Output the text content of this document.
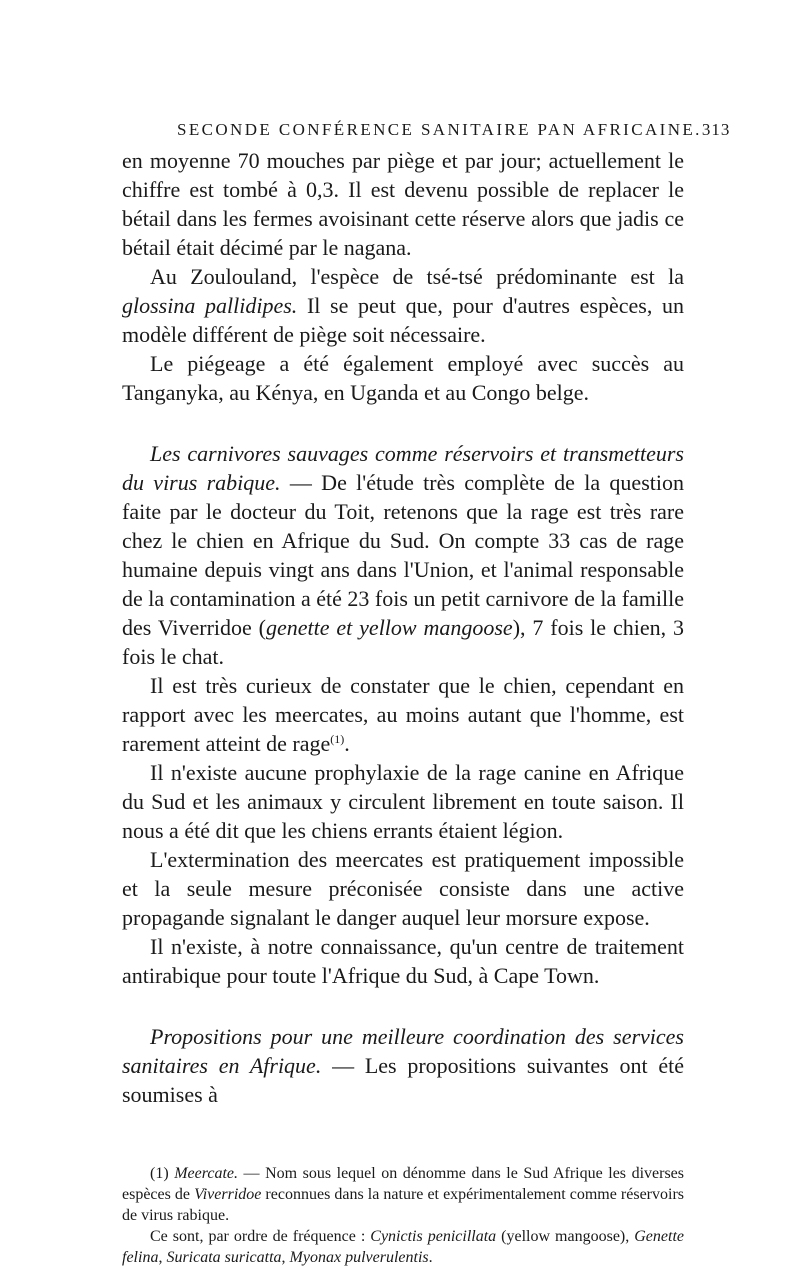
SECONDE CONFÉRENCE SANITAIRE PAN AFRICAINE. 313

en moyenne 70 mouches par piège et par jour; actuellement le chiffre est tombé à 0,3. Il est devenu possible de replacer le bétail dans les fermes avoisinant cette réserve alors que jadis ce bétail était décimé par le nagana.

Au Zoulouland, l'espèce de tsé-tsé prédominante est la glossina pallidipes. Il se peut que, pour d'autres espèces, un modèle différent de piège soit nécessaire.

Le piégeage a été également employé avec succès au Tanganyka, au Kénya, en Uganda et au Congo belge.

Les carnivores sauvages comme réservoirs et transmetteurs du virus rabique. — De l'étude très complète de la question faite par le docteur du Toit, retenons que la rage est très rare chez le chien en Afrique du Sud. On compte 33 cas de rage humaine depuis vingt ans dans l'Union, et l'animal responsable de la contamination a été 23 fois un petit carnivore de la famille des Viverridoe (genette et yellow mangoose), 7 fois le chien, 3 fois le chat.

Il est très curieux de constater que le chien, cependant en rapport avec les meercates, au moins autant que l'homme, est rarement atteint de rage$^{(1)}$.

Il n'existe aucune prophylaxie de la rage canine en Afrique du Sud et les animaux y circulent librement en toute saison. Il nous a été dit que les chiens errants étaient légion.

L'extermination des meercates est pratiquement impossible et la seule mesure préconisée consiste dans une active propagande signalant le danger auquel leur morsure expose.

Il n'existe, à notre connaissance, qu'un centre de traitement antirabique pour toute l'Afrique du Sud, à Cape Town.

Propositions pour une meilleure coordination des services sanitaires en Afrique. — Les propositions suivantes ont été soumises à

(1) Meercate. — Nom sous lequel on dénomme dans le Sud Afrique les diverses espèces de Viverridoe reconnues dans la nature et expérimentalement comme réservoirs de virus rabique.

Ce sont, par ordre de fréquence : Cynictis penicillata (yellow mangoose), Genette felina, Suricata suricatta, Myonax pulverulentis.
